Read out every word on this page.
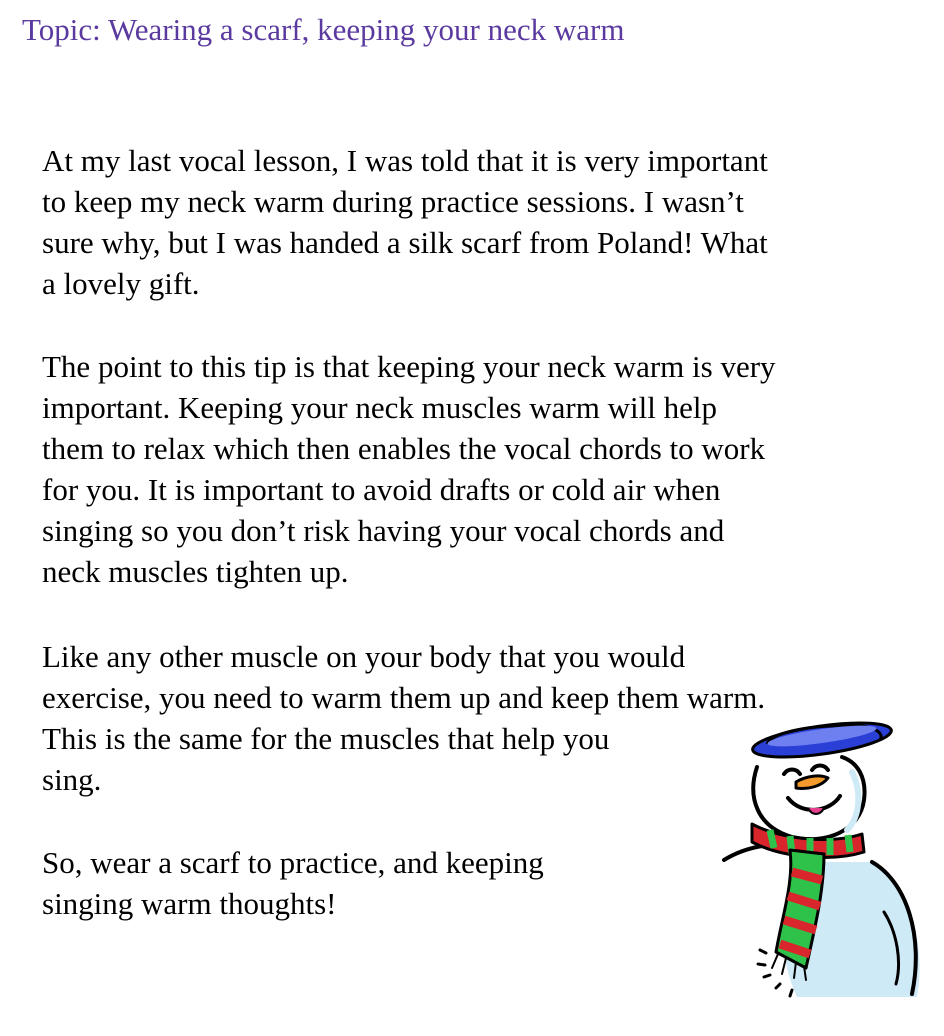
Topic: Wearing a scarf, keeping your neck warm

At my last vocal lesson, I was told that it is very important
to keep my neck warm during practice sessions. I wasn’t
sure why, but I was handed a silk scarf from Poland! What
a lovely gift.

The point to this tip is that keeping your neck warm is very
important. Keeping your neck muscles warm will help
them to relax which then enables the vocal chords to work
for you. It is important to avoid drafts or cold air when
singing so you don’t risk having your vocal chords and
neck muscles tighten up.

Like any other muscle on your body that you would
exercise, you need to warm them up and keep them warm.
This is the same for the muscles that help you
sing.

So, wear a scarf to practice, and keeping
singing warm thoughts!
